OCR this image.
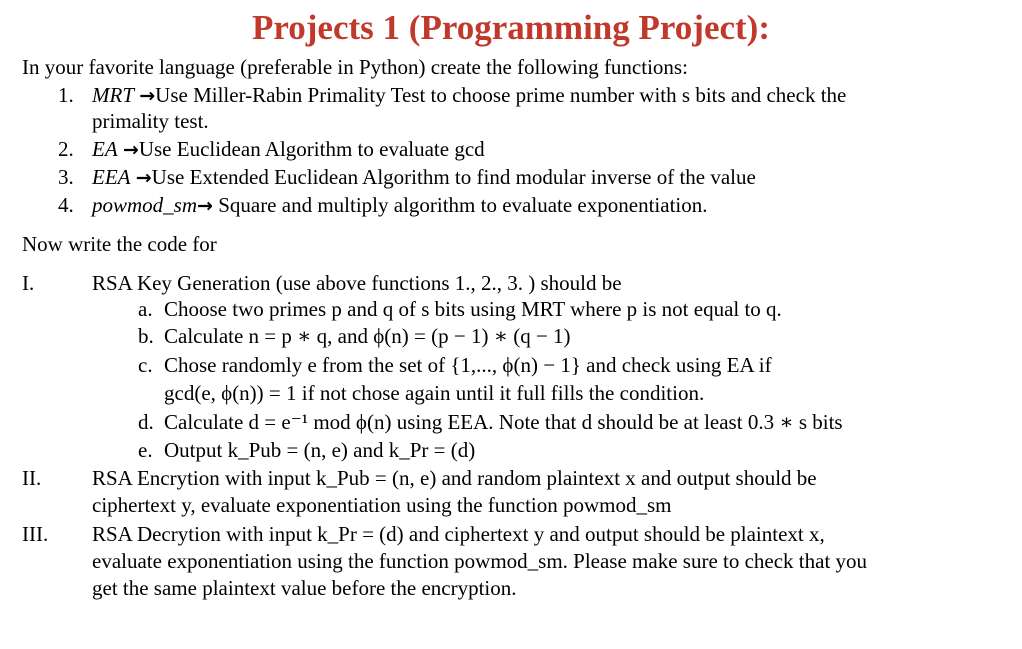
Projects 1 (Programming Project):
In your favorite language (preferable in Python) create the following functions:
1. MRT →Use Miller-Rabin Primality Test to choose prime number with s bits and check the
primality test.
2. EA →Use Euclidean Algorithm to evaluate gcd
3. EEA →Use Extended Euclidean Algorithm to find modular inverse of the value
4. powmod_sm→ Square and multiply algorithm to evaluate exponentiation.
Now write the code for
I.	RSA Key Generation (use above functions 1., 2., 3. ) should be
a. Choose two primes p and q of s bits using MRT where p is not equal to q.
b. Calculate n = p ∗ q, and ϕ(n) = (p − 1) ∗ (q − 1)
c. Chose randomly e from the set of {1,..., ϕ(n) − 1} and check using EA if
gcd(e, ϕ(n)) = 1 if not chose again until it full fills the condition.
d. Calculate d = e⁻¹ mod ϕ(n) using EEA. Note that d should be at least 0.3 ∗ s bits
e. Output k_Pub = (n, e) and k_Pr = (d)
II. RSA Encrytion with input k_Pub = (n, e) and random plaintext x and output should be
ciphertext y, evaluate exponentiation using the function powmod_sm
III. RSA Decrytion with input k_Pr = (d) and ciphertext y and output should be plaintext x,
evaluate exponentiation using the function powmod_sm. Please make sure to check that you
get the same plaintext value before the encryption.
